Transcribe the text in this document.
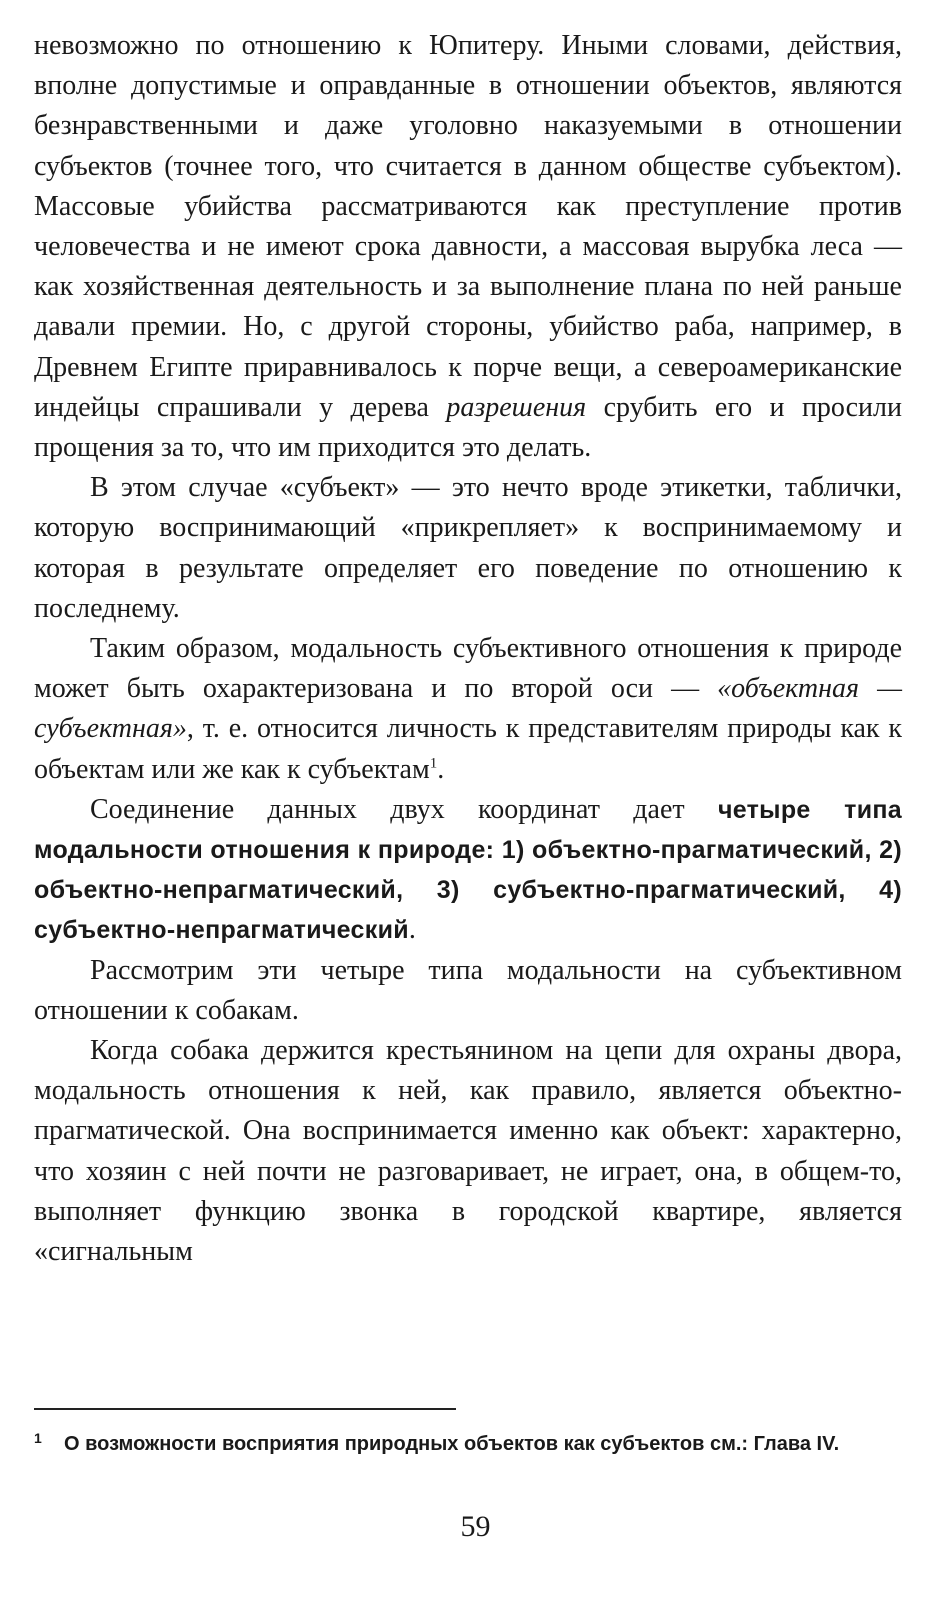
невозможно по отношению к Юпитеру. Иными словами, действия, вполне допустимые и оправданные в отношении объектов, являются безнравственными и даже уголовно наказуемыми в отношении субъектов (точнее того, что считается в данном обществе субъектом). Массовые убийства рассматриваются как преступление против человечества и не имеют срока давности, а массовая вырубка леса — как хозяйственная деятельность и за выполнение плана по ней раньше давали премии. Но, с другой стороны, убийство раба, например, в Древнем Египте приравнивалось к порче вещи, а североамериканские индейцы спрашивали у дерева разрешения срубить его и просили прощения за то, что им приходится это делать.

В этом случае «субъект» — это нечто вроде этикетки, таблички, которую воспринимающий «прикрепляет» к воспринимаемому и которая в результате определяет его поведение по отношению к последнему.

Таким образом, модальность субъективного отношения к природе может быть охарактеризована и по второй оси — «объектная — субъектная», т. е. относится личность к представителям природы как к объектам или же как к субъектам$^1$.

Соединение данных двух координат дает четыре типа модальности отношения к природе: 1) объектно-прагматический, 2) объектно-непрагматический, 3) субъектно-прагматический, 4) субъектно-непрагматический.

Рассмотрим эти четыре типа модальности на субъективном отношении к собакам.

Когда собака держится крестьянином на цепи для охраны двора, модальность отношения к ней, как правило, является объектно-прагматической. Она воспринимается именно как объект: характерно, что хозяин с ней почти не разговаривает, не играет, она, в общем-то, выполняет функцию звонка в городской квартире, является «сигнальным

1	О возможности восприятия природных объектов как субъектов см.: Глава IV.
59
